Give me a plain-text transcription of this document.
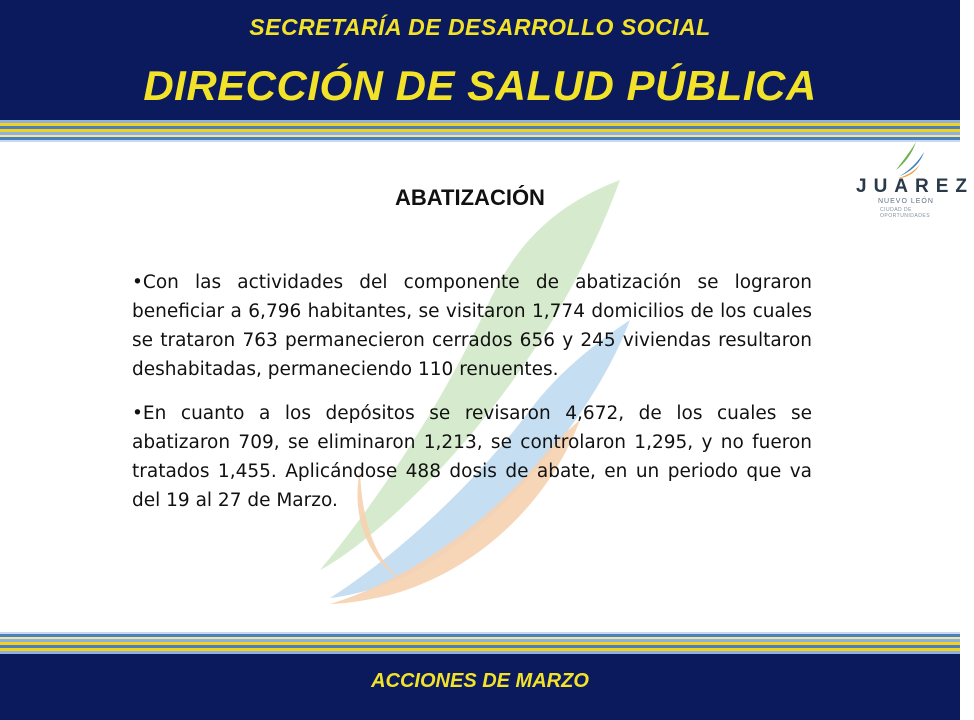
SECRETARÍA DE DESARROLLO SOCIAL
DIRECCIÓN DE SALUD PÚBLICA
JUAREZ
NUEVO LEÓN
CIUDAD DE OPORTUNIDADES
ABATIZACIÓN

•Con las actividades del componente de abatización se lograron beneficiar a 6,796 habitantes, se visitaron 1,774 domicilios de los cuales se trataron 763 permanecieron cerrados 656 y 245 viviendas resultaron deshabitadas, permaneciendo 110 renuentes.

•En cuanto a los depósitos se revisaron 4,672, de los cuales se abatizaron 709, se eliminaron 1,213, se controlaron 1,295, y no fueron tratados 1,455. Aplicándose 488 dosis de abate, en un periodo que va del 19 al 27 de Marzo.

ACCIONES DE MARZO
